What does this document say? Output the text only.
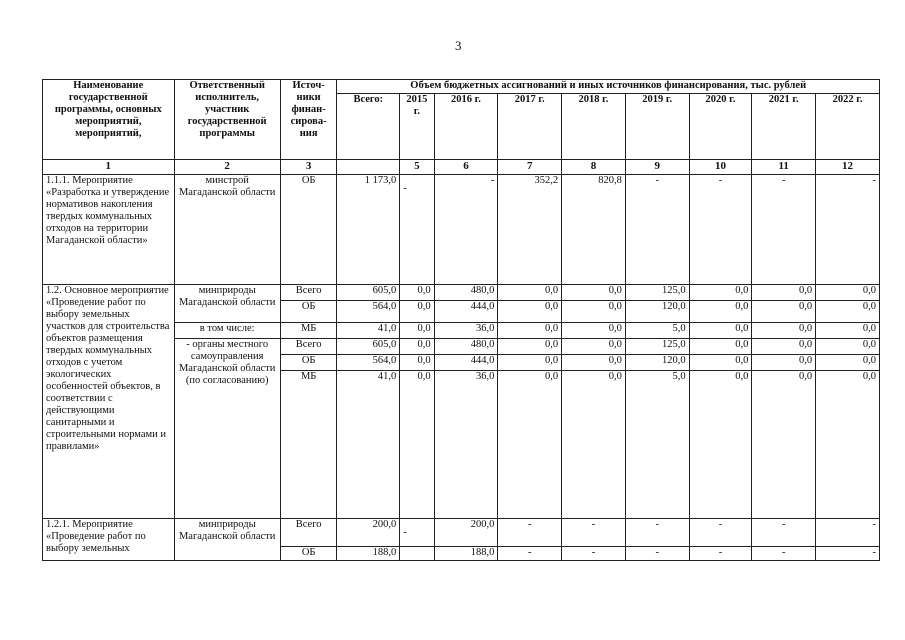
3
Наименование государственной программы, основных мероприятий, мероприятий,	Ответственный исполнитель, участник государственной программы	Источ-ники финан-сирова-ния	Объем бюджетных ассигнований и иных источников финансирования, тыс. рублей								
			Всего:	2015 г.	2016 г.	2017 г.	2018 г.	2019 г.	2020 г.	2021 г.	2022 г.
1	2	3		5	6	7	8	9	10	11	12
1.1.1. Мероприятие «Разработка и утверждение нормативов накопления твердых коммунальных отходов на территории Магаданской области»	минстрой Магаданской области	ОБ	1 173,0	-	-	352,2	820,8	-	-	-	-
1.2. Основное мероприятие «Проведение работ по выбору земельных участков для строительства объектов размещения твердых коммунальных отходов с учетом экологических особенностей объектов, в соответствии с действующими санитарными и строительными нормами и правилами»	минприроды Магаданской области	Всего	605,0	0,0	480,0	0,0	0,0	125,0	0,0	0,0	0,0
		ОБ	564,0	0,0	444,0	0,0	0,0	120,0	0,0	0,0	0,0
	в том числе:	МБ	41,0	0,0	36,0	0,0	0,0	5,0	0,0	0,0	0,0
	- органы местного самоуправления Магаданской области (по согласованию)	Всего	605,0	0,0	480,0	0,0	0,0	125,0	0,0	0,0	0,0
		ОБ	564,0	0,0	444,0	0,0	0,0	120,0	0,0	0,0	0,0
		МБ	41,0	0,0	36,0	0,0	0,0	5,0	0,0	0,0	0,0
1.2.1. Мероприятие «Проведение работ по выбору земельных	минприроды Магаданской области	Всего	200,0	-	200,0	-	-	-	-	-	-
		ОБ	188,0		188,0	-	-	-	-	-	-
